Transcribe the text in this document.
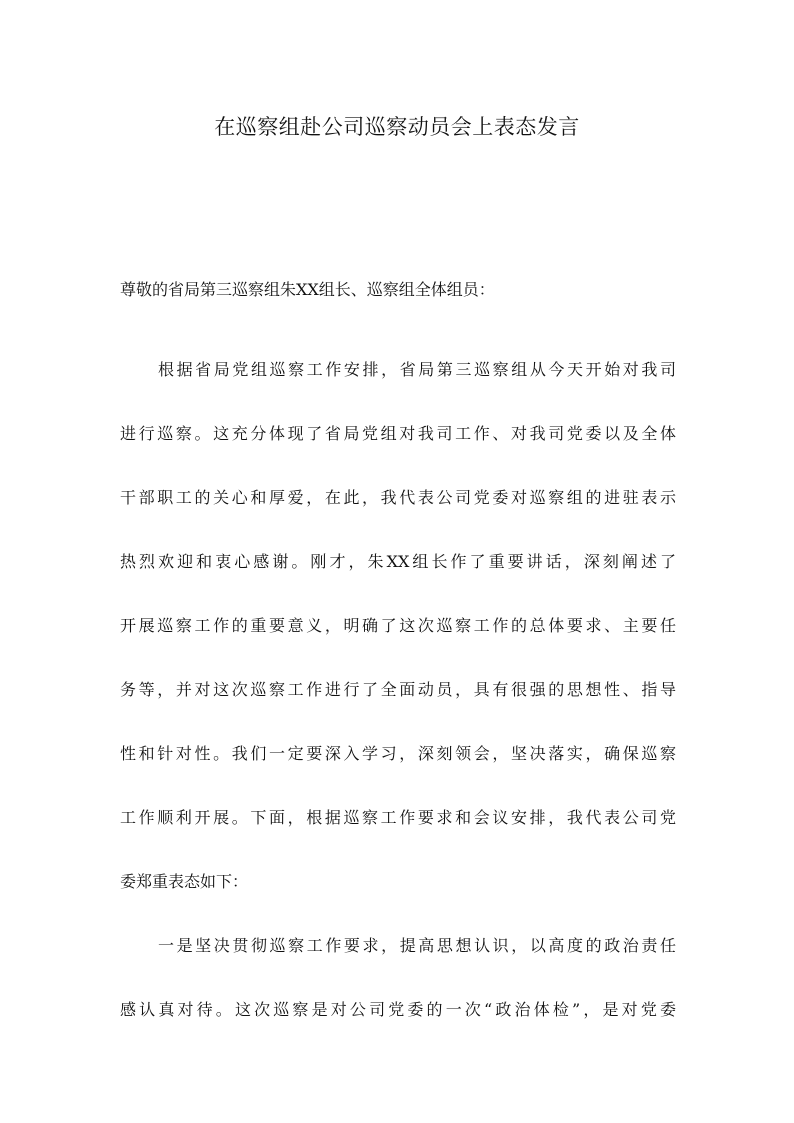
在巡察组赴公司巡察动员会上表态发言
尊敬的省局第三巡察组朱XX组长、巡察组全体组员：
根据省局党组巡察工作安排，省局第三巡察组从今天开始对我司
进行巡察。这充分体现了省局党组对我司工作、对我司党委以及全体
干部职工的关心和厚爱，在此，我代表公司党委对巡察组的进驻表示
热烈欢迎和衷心感谢。刚才，朱XX组长作了重要讲话，深刻阐述了
开展巡察工作的重要意义，明确了这次巡察工作的总体要求、主要任
务等，并对这次巡察工作进行了全面动员，具有很强的思想性、指导
性和针对性。我们一定要深入学习，深刻领会，坚决落实，确保巡察
工作顺利开展。下面，根据巡察工作要求和会议安排，我代表公司党
委郑重表态如下：
一是坚决贯彻巡察工作要求，提高思想认识，以高度的政治责任
感认真对待。这次巡察是对公司党委的一次“政治体检”，是对党委
